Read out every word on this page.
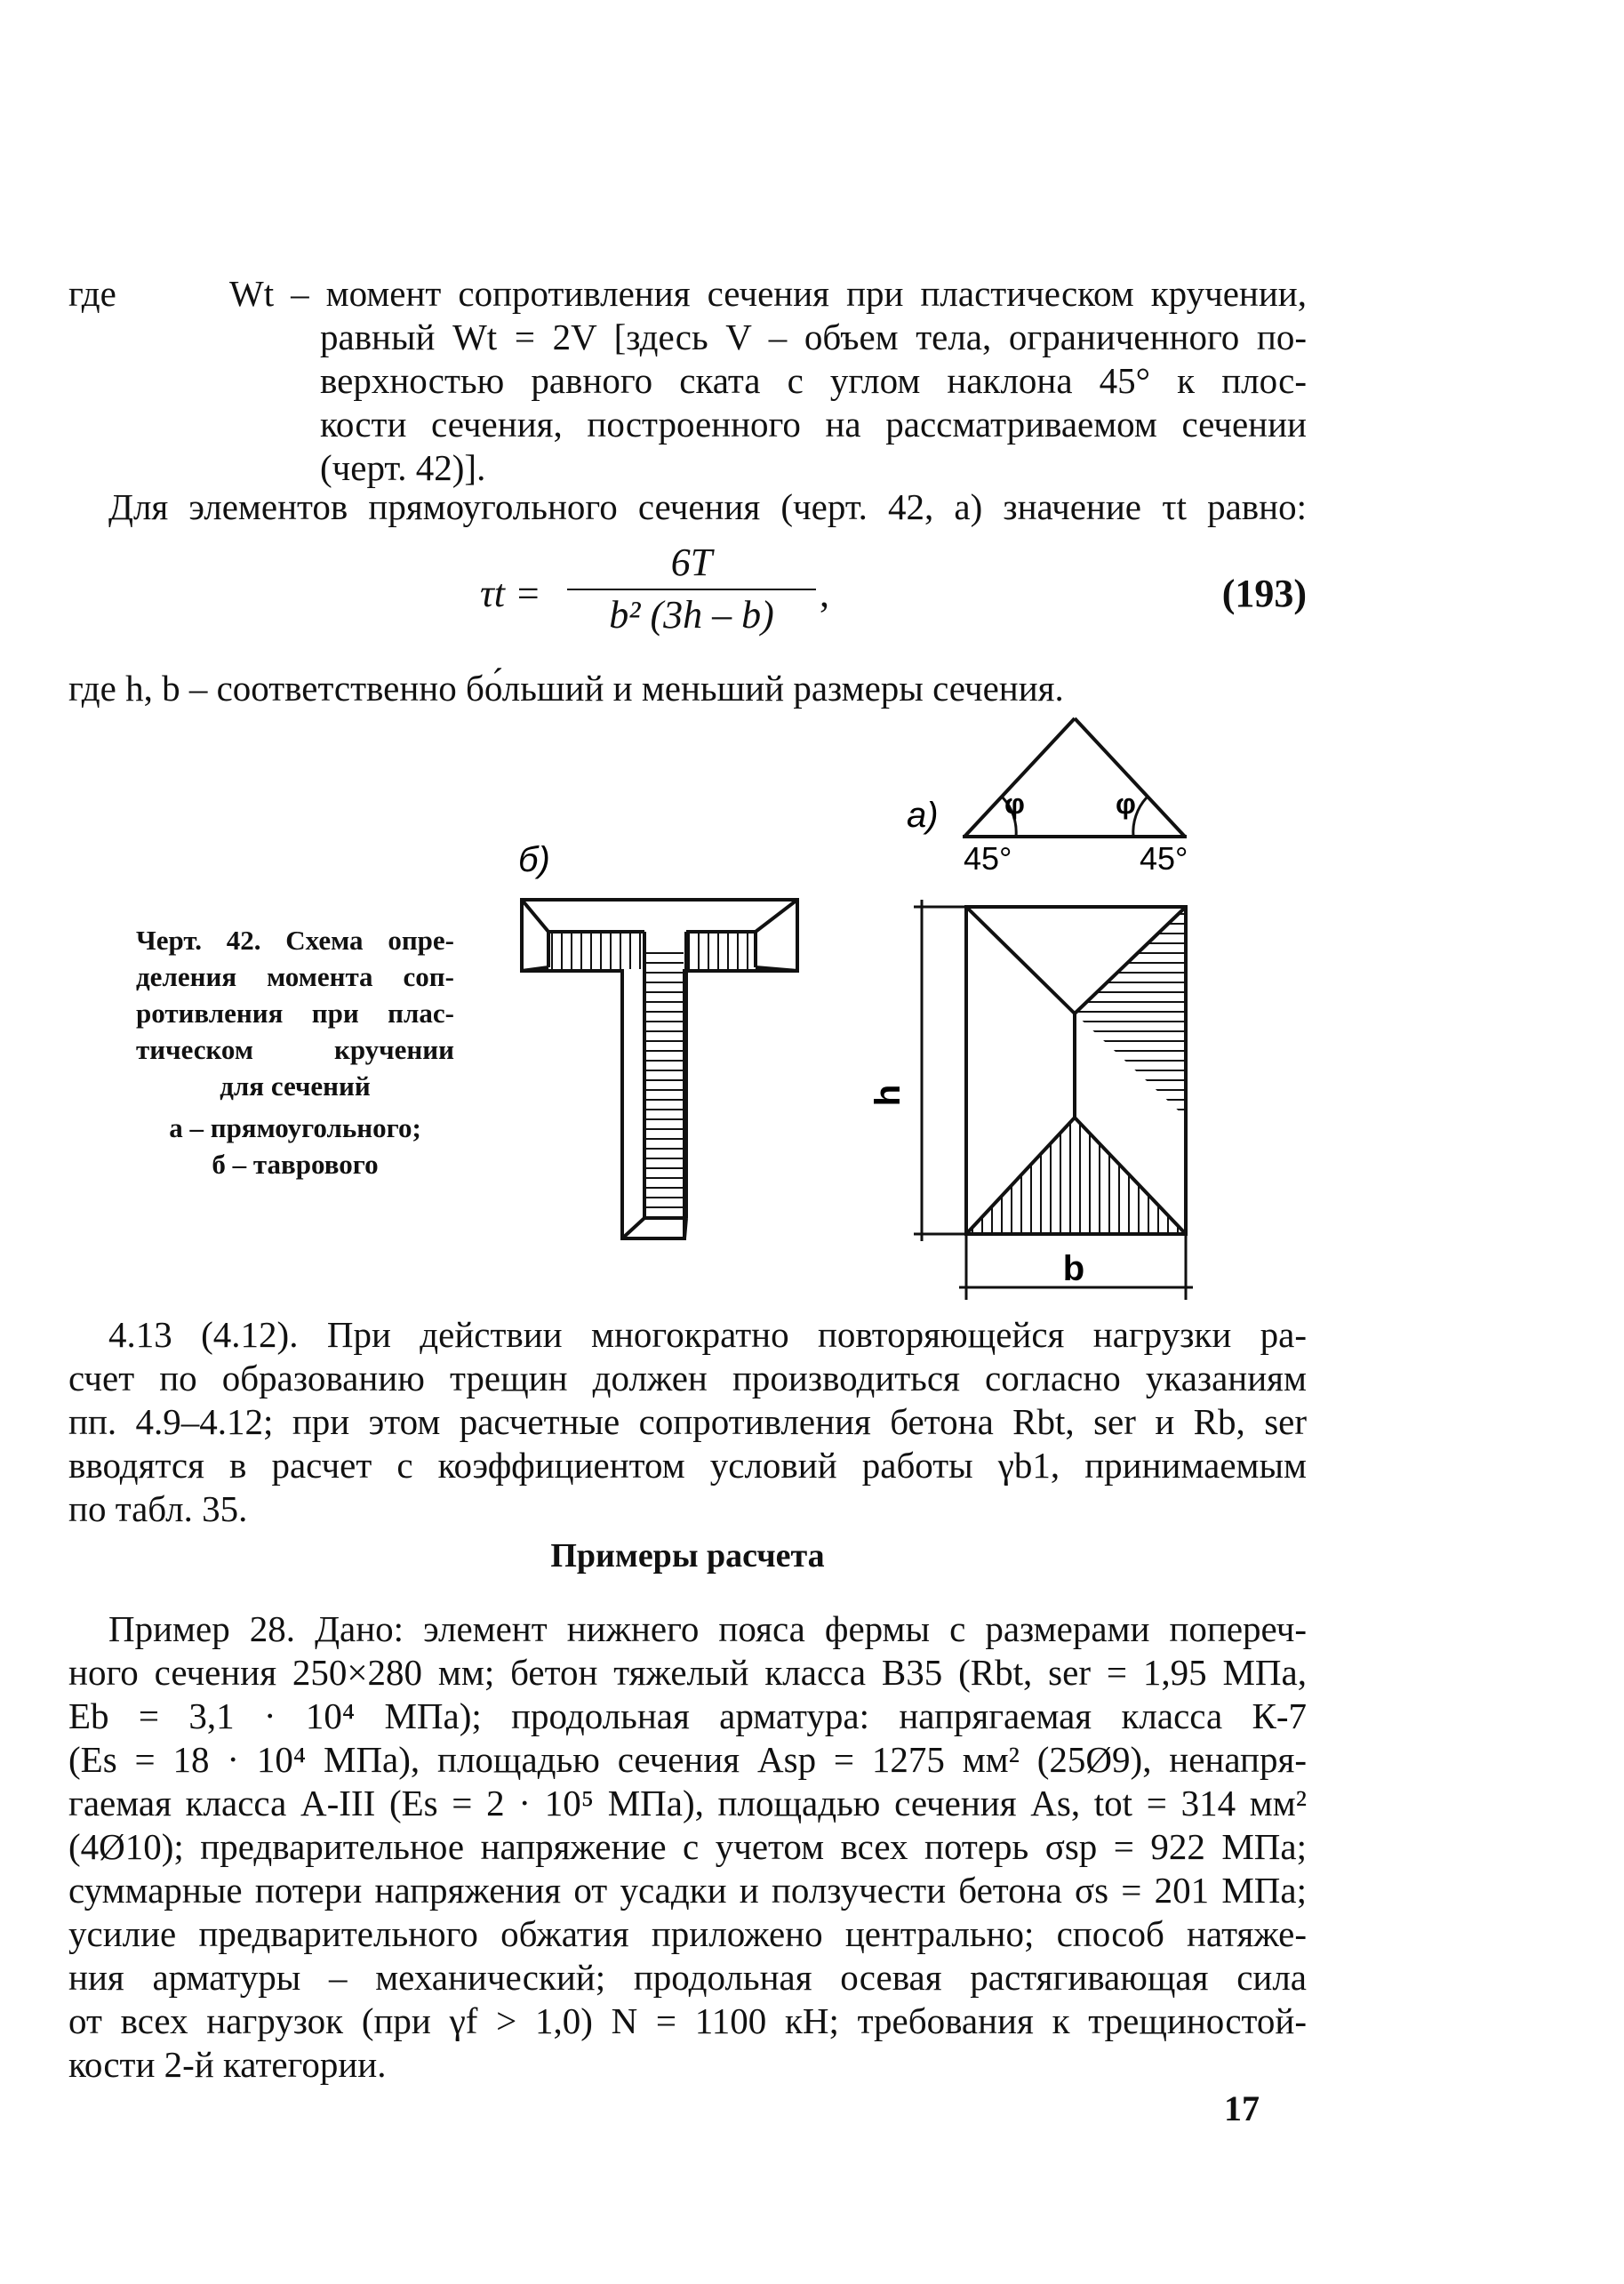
где	Wt – момент сопротивления сечения при пластическом кручении,
равный Wt = 2V [здесь V – объем тела, ограниченного по-
верхностью равного ската с углом наклона 45° к плос-
кости сечения, построенного на рассматриваемом сечении
(черт. 42)].
Для элементов прямоугольного сечения (черт. 42, а) значение τt равно:
τt =
6T
b² (3h – b)	,	(193)
где h, b – соответственно бо́льший и меньший размеры сечения.
Черт. 42. Схема опре-
деления момента соп-
ротивления при плас-
тическом кручении
для сечений
а – прямоугольного;
б – таврового
φ	φ
45°	45°
а)
h
b
б)
4.13 (4.12). При действии многократно повторяющейся нагрузки ра-
счет по образованию трещин должен производиться согласно указаниям
пп. 4.9–4.12; при этом расчетные сопротивления бетона Rbt, ser и Rb, ser
вводятся в расчет с коэффициентом условий работы γb1, принимаемым
по табл. 35.
Примеры расчета
Пример 28. Дано: элемент нижнего пояса фермы с размерами попереч-
ного сечения 250×280 мм; бетон тяжелый класса В35 (Rbt, ser = 1,95 МПа,
Eb = 3,1 · 10⁴ МПа); продольная арматура: напрягаемая класса К-7
(Es = 18 · 10⁴ МПа), площадью сечения Asp = 1275 мм² (25Ø9), ненапря-
гаемая класса А-III (Es = 2 · 10⁵ МПа), площадью сечения As, tot = 314 мм²
(4Ø10); предварительное напряжение с учетом всех потерь σsp = 922 МПа;
суммарные потери напряжения от усадки и ползучести бетона σs = 201 МПа;
усилие предварительного обжатия приложено центрально; способ натяже-
ния арматуры – механический; продольная осевая растягивающая сила
от всех нагрузок (при γf > 1,0) N = 1100 кН; требования к трещиностой-
кости 2-й категории.
17
